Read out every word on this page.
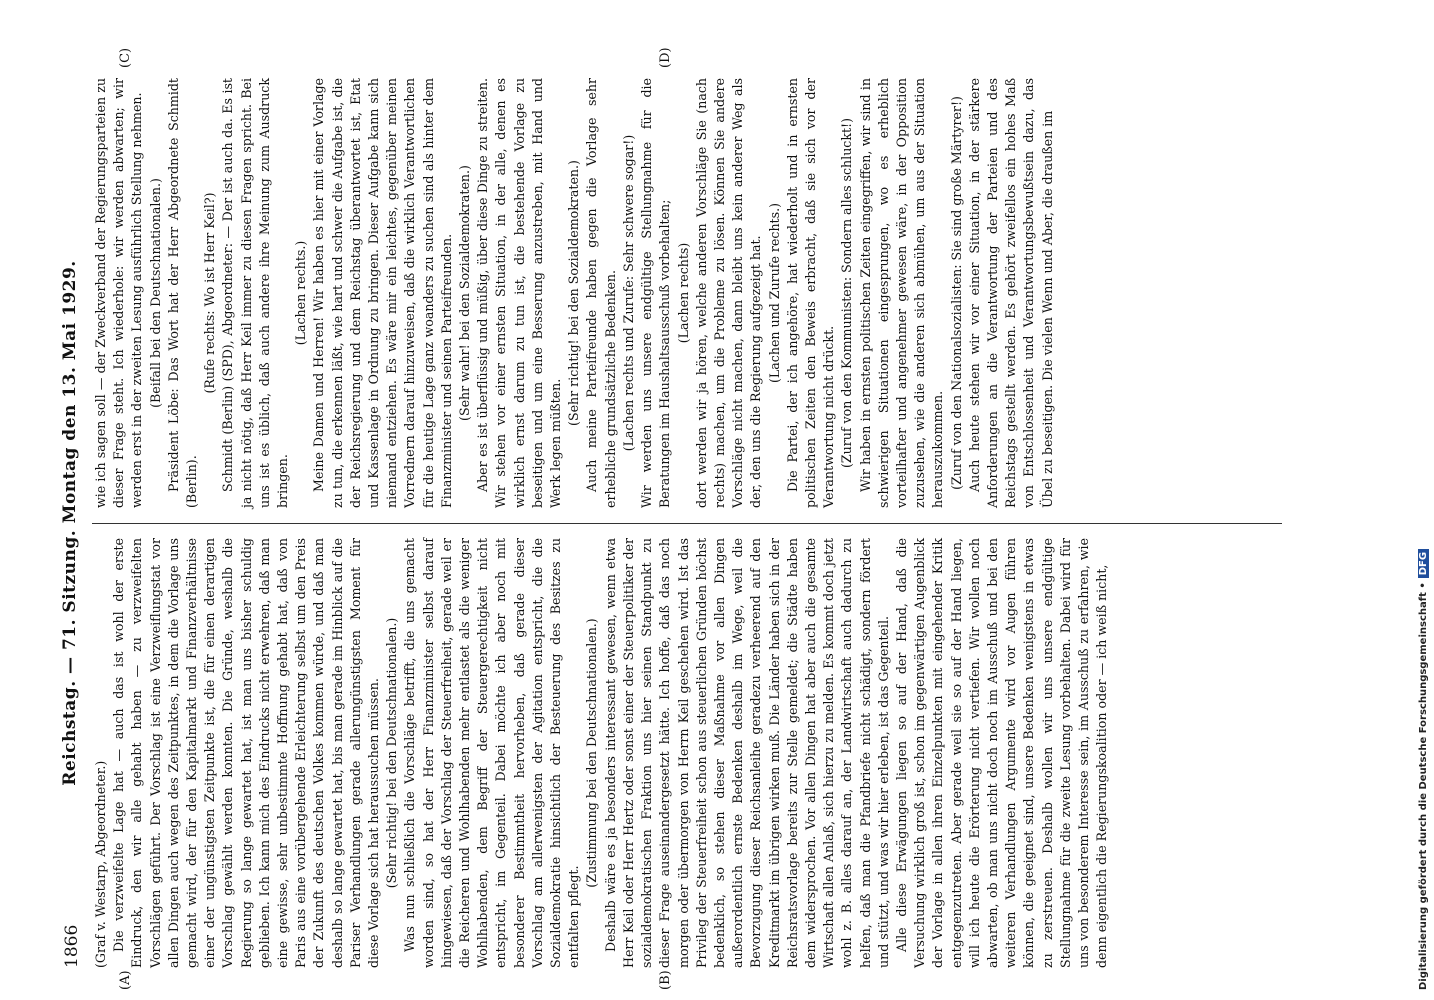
1866
Reichstag. — 71. Sitzung. Montag den 13. Mai 1929.
(A)	(B)
(C)	(D)

(Graf v. Westarp, Abgeordneter.) Die verzweifelte Lage hat — auch das ist wohl der erste Eindruck, den wir alle gehabt haben — zu verzweifelten Vorschlägen geführt. Der Vorschlag ist eine Verzweiflungstat vor allen Dingen auch wegen des Zeitpunktes, in dem die Vorlage uns gemacht wird, der für den Kapitalmarkt und Finanzverhältnisse einer der ungünstigsten Zeitpunkte ist, die für einen derartigen Vorschlag gewählt werden konnten. Die Gründe, weshalb die Regierung so lange gewartet hat, ist man uns bisher schuldig geblieben. Ich kann mich des Eindrucks nicht erwehren, daß man eine gewisse, sehr unbestimmte Hoffnung gehabt hat, daß von Paris aus eine vorübergehende Erleichterung selbst um den Preis der Zukunft des deutschen Volkes kommen würde, und daß man deshalb so lange gewartet hat, bis man gerade im Hinblick auf die Pariser Verhandlungen gerade allerungünstigsten Moment für diese Vorlage sich hat heraussuchen müssen. (Sehr richtig! bei den Deutschnationalen.) Was nun schließlich die Vorschläge betrifft, die uns gemacht worden sind, so hat der Herr Finanzminister selbst darauf hingewiesen, daß der Vorschlag der Steuerfreiheit, gerade weil er die Reicheren und Wohlhabenden mehr entlastet als die weniger Wohlhabenden, dem Begriff der Steuergerechtigkeit nicht entspricht, im Gegenteil. Dabei möchte ich aber noch mit besonderer Bestimmtheit hervorheben, daß gerade dieser Vorschlag am allerwenigsten der Agitation entspricht, die die Sozialdemokratie hinsichtlich der Besteuerung des Besitzes zu entfalten pflegt.

(Zustimmung bei den Deutschnationalen.) Deshalb wäre es ja besonders interessant gewesen, wenn etwa Herr Keil oder Herr Hertz oder sonst einer der Steuerpolitiker der sozialdemokratischen Fraktion uns hier seinen Standpunkt zu dieser Frage auseinandergesetzt hätte. Ich hoffe, daß das noch morgen oder übermorgen von Herrn Keil geschehen wird. Ist das Privileg der Steuerfreiheit schon aus steuerlichen Gründen höchst bedenklich, so stehen dieser Maßnahme vor allen Dingen außerordentlich ernste Bedenken deshalb im Wege, weil die Bevorzugung dieser Reichsanleihe geradezu verheerend auf den Kreditmarkt im übrigen wirken muß. Die Länder haben sich in der Reichsratsvorlage bereits zur Stelle gemeldet; die Städte haben dem widersprochen. Vor allen Dingen hat aber auch die gesamte Wirtschaft allen Anlaß, sich hierzu zu melden. Es kommt doch jetzt wohl z. B. alles darauf an, der Landwirtschaft auch dadurch zu helfen, daß man die Pfandbriefe nicht schädigt, sondern fördert und stützt, und was wir hier erleben, ist das Gegenteil. Alle diese Erwägungen liegen so auf der Hand, daß die Versuchung wirklich groß ist, schon im gegenwärtigen Augenblick der Vorlage in allen ihren Einzelpunkten mit eingehender Kritik entgegenzutreten. Aber gerade weil sie so auf der Hand liegen, will ich heute die Erörterung nicht vertiefen. Wir wollen noch abwarten, ob man uns nicht doch noch im Ausschuß und bei den weiteren Verhandlungen Argumente wird vor Augen führen können, die geeignet sind, unsere Bedenken wenigstens in etwas zu zerstreuen. Deshalb wollen wir uns unsere endgültige Stellungnahme für die zweite Lesung vorbehalten. Dabei wird für uns von besonderem Interesse sein, im Ausschuß zu erfahren, wie denn eigentlich die Regierungskoalition oder — ich weiß nicht,

wie ich sagen soll — der Zweckverband der Regierungsparteien zu dieser Frage steht. Ich wiederhole: wir werden abwarten; wir werden erst in der zweiten Lesung ausführlich Stellung nehmen. (Beifall bei den Deutschnationalen.) Präsident Löbe: Das Wort hat der Herr Abgeordnete Schmidt (Berlin).

(Rufe rechts: Wo ist Herr Keil?) Schmidt (Berlin) (SPD), Abgeordneter: — Der ist auch da. Es ist ja nicht nötig, daß Herr Keil immer zu diesen Fragen spricht. Bei uns ist es üblich, daß auch andere ihre Meinung zum Ausdruck bringen.

(Lachen rechts.) Meine Damen und Herren! Wir haben es hier mit einer Vorlage zu tun, die erkennen läßt, wie hart und schwer die Aufgabe ist, die der Reichsregierung und dem Reichstag überantwortet ist, Etat und Kassenlage in Ordnung zu bringen. Dieser Aufgabe kann sich niemand entziehen. Es wäre mir ein leichtes, gegenüber meinen Vorrednern darauf hinzuweisen, daß die wirklich Verantwortlichen für die heutige Lage ganz woanders zu suchen sind als hinter dem Finanzminister und seinen Parteifreunden. (Sehr wahr! bei den Sozialdemokraten.) Aber es ist überflüssig und müßig, über diese Dinge zu streiten. Wir stehen vor einer ernsten Situation, in der alle, denen es wirklich ernst darum zu tun ist, die bestehende Vorlage zu beseitigen und um eine Besserung anzustreben, mit Hand und Werk legen müßten.

(Sehr richtig! bei den Sozialdemokraten.) Auch meine Parteifreunde haben gegen die Vorlage sehr erhebliche grundsätzliche Bedenken. (Lachen rechts und Zurufe: Sehr schwere sogar!) Wir werden uns unsere endgültige Stellungnahme für die Beratungen im Haushaltsausschuß vorbehalten; (Lachen rechts) dort werden wir ja hören, welche anderen Vorschläge Sie (nach rechts) machen, um die Probleme zu lösen. Können Sie andere Vorschläge nicht machen, dann bleibt uns kein anderer Weg als der, den uns die Regierung aufgezeigt hat. (Lachen und Zurufe rechts.) Die Partei, der ich angehöre, hat wiederholt und in ernsten politischen Zeiten den Beweis erbracht, daß sie sich vor der Verantwortung nicht drückt. (Zuruf von den Kommunisten: Sondern alles schluckt!) Wir haben in ernsten politischen Zeiten eingegriffen, wir sind in schwierigen Situationen eingesprungen, wo es erheblich vorteilhafter und angenehmer gewesen wäre, in der Opposition zuzusehen, wie die anderen sich abmühen, um aus der Situation herauszukommen. (Zuruf von den Nationalsozialisten: Sie sind große Märtyrer!) Auch heute stehen wir vor einer Situation, in der stärkere Anforderungen an die Verantwortung der Parteien und des Reichstags gestellt werden. Es gehört zweifellos ein hohes Maß von Entschlossenheit und Verantwortungsbewußtsein dazu, das Übel zu beseitigen. Die vielen Wenn und Aber, die draußen im

Digitalisierung gefördert durch die Deutsche Forschungsgemeinschaft •DFG
